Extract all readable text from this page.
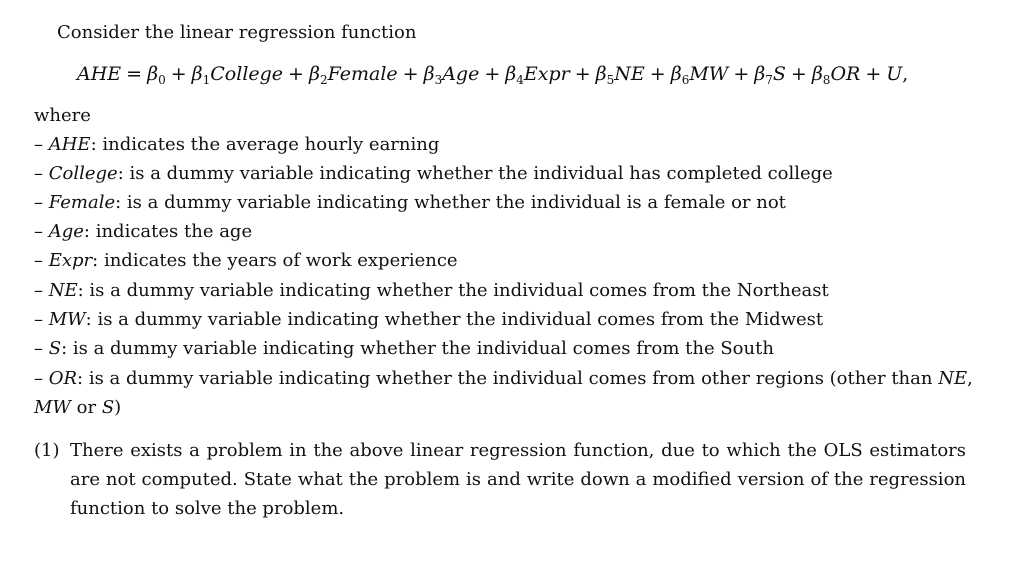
Consider the linear regression function
AHE = $\beta_0$ + $\beta_1College$ + $\beta_2Female + \beta_3Age$ + $\beta_4Expr + \beta_5NE + \beta_6MW + \beta_7S + \beta_8OR + U$,
where
– AHE: indicates the average hourly earning
– College: is a dummy variable indicating whether the individual has completed college
– Female: is a dummy variable indicating whether the individual is a female or not
– Age: indicates the age
– Expr: indicates the years of work experience
– NE: is a dummy variable indicating whether the individual comes from the Northeast
– MW: is a dummy variable indicating whether the individual comes from the Midwest
– S: is a dummy variable indicating whether the individual comes from the South
– OR: is a dummy variable indicating whether the individual comes from other regions (other than NE,
MW or S)
(1) There exists a problem in the above linear regression function, due to which the OLS estimators are not computed. State what the problem is and write down a modified version of the regression function to solve the problem.
